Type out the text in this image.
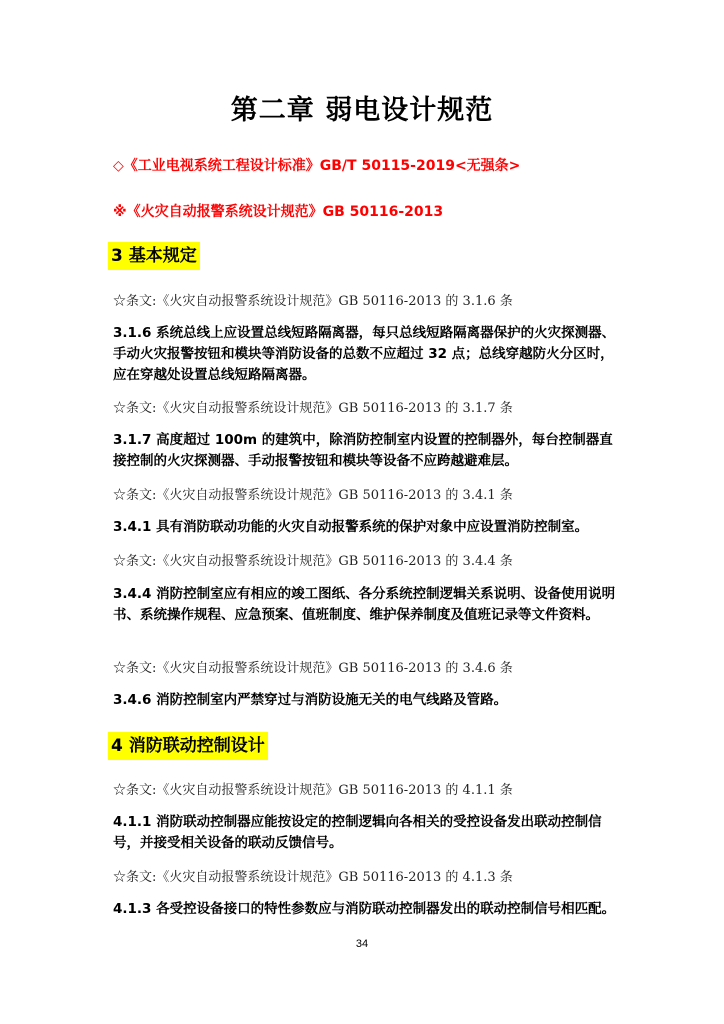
第二章 弱电设计规范
◇《工业电视系统工程设计标准》GB/T 50115-2019<无强条>
※《火灾自动报警系统设计规范》GB 50116-2013
3 基本规定
☆条文:《火灾自动报警系统设计规范》GB 50116-2013 的 3.1.6 条
3.1.6 系统总线上应设置总线短路隔离器，每只总线短路隔离器保护的火灾探测器、手动火灾报警按钮和模块等消防设备的总数不应超过 32 点；总线穿越防火分区时，应在穿越处设置总线短路隔离器。
☆条文:《火灾自动报警系统设计规范》GB 50116-2013 的 3.1.7 条
3.1.7 高度超过 100m 的建筑中，除消防控制室内设置的控制器外，每台控制器直接控制的火灾探测器、手动报警按钮和模块等设备不应跨越避难层。
☆条文:《火灾自动报警系统设计规范》GB 50116-2013 的 3.4.1 条
3.4.1 具有消防联动功能的火灾自动报警系统的保护对象中应设置消防控制室。
☆条文:《火灾自动报警系统设计规范》GB 50116-2013 的 3.4.4 条
3.4.4 消防控制室应有相应的竣工图纸、各分系统控制逻辑关系说明、设备使用说明书、系统操作规程、应急预案、值班制度、维护保养制度及值班记录等文件资料。
☆条文:《火灾自动报警系统设计规范》GB 50116-2013 的 3.4.6 条
3.4.6 消防控制室内严禁穿过与消防设施无关的电气线路及管路。
4 消防联动控制设计
☆条文:《火灾自动报警系统设计规范》GB 50116-2013 的 4.1.1 条
4.1.1 消防联动控制器应能按设定的控制逻辑向各相关的受控设备发出联动控制信号，并接受相关设备的联动反馈信号。
☆条文:《火灾自动报警系统设计规范》GB 50116-2013 的 4.1.3 条
4.1.3 各受控设备接口的特性参数应与消防联动控制器发出的联动控制信号相匹配。
34
